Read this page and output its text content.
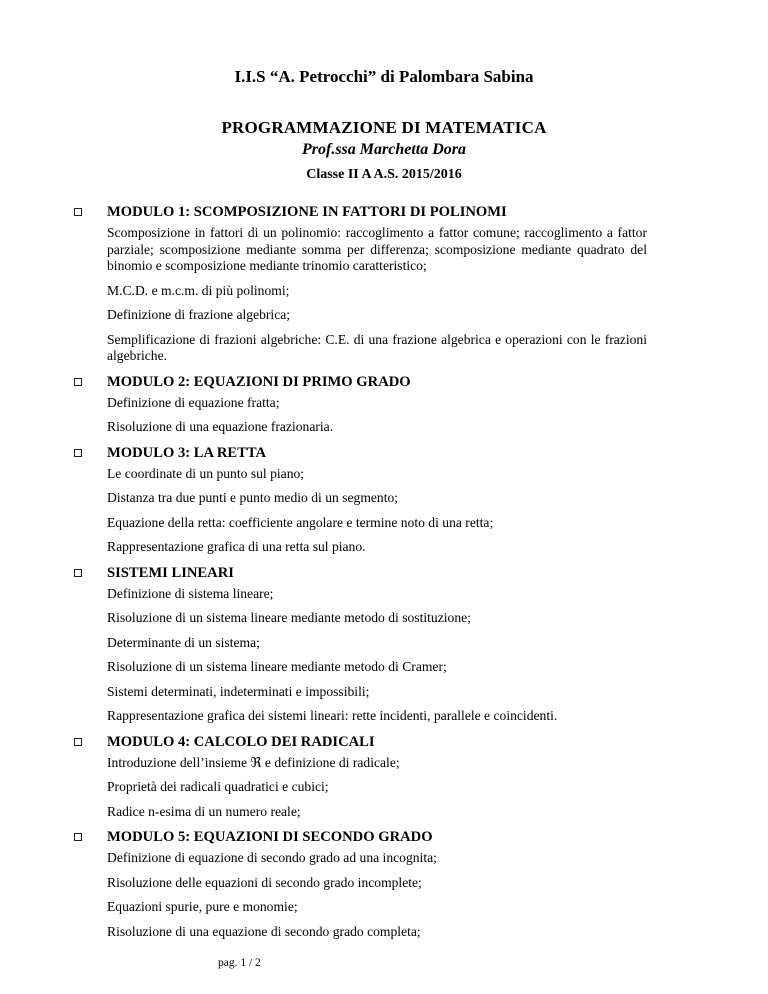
I.I.S “A. Petrocchi” di Palombara Sabina
PROGRAMMAZIONE DI MATEMATICA
Prof.ssa Marchetta Dora
Classe II A A.S. 2015/2016
MODULO 1: SCOMPOSIZIONE IN FATTORI DI POLINOMI
Scomposizione in fattori di un polinomio: raccoglimento a fattor comune; raccoglimento a fattor parziale; scomposizione mediante somma per differenza; scomposizione mediante quadrato del binomio e scomposizione mediante trinomio caratteristico;
M.C.D. e m.c.m. di più polinomi;
Definizione di frazione algebrica;
Semplificazione di frazioni algebriche: C.E. di una frazione algebrica e operazioni con le frazioni algebriche.
MODULO 2: EQUAZIONI DI PRIMO GRADO
Definizione di equazione fratta;
Risoluzione di una equazione frazionaria.
MODULO 3: LA RETTA
Le coordinate di un punto sul piano;
Distanza tra due punti e punto medio di un segmento;
Equazione della retta: coefficiente angolare e termine noto di una retta;
Rappresentazione grafica di una retta sul piano.
SISTEMI LINEARI
Definizione di sistema lineare;
Risoluzione di un sistema lineare mediante metodo di sostituzione;
Determinante di un sistema;
Risoluzione di un sistema lineare mediante metodo di Cramer;
Sistemi determinati, indeterminati e impossibili;
Rappresentazione grafica dei sistemi lineari: rette incidenti, parallele e coincidenti.
MODULO 4: CALCOLO DEI RADICALI
Introduzione dell’insieme ℜ e definizione di radicale;
Proprietà dei radicali quadratici e cubici;
Radice n-esima di un numero reale;
MODULO 5: EQUAZIONI DI SECONDO GRADO
Definizione di equazione di secondo grado ad una incognita;
Risoluzione delle equazioni di secondo grado incomplete;
Equazioni spurie, pure e monomie;
Risoluzione di una equazione di secondo grado completa;
pag. 1 / 2
